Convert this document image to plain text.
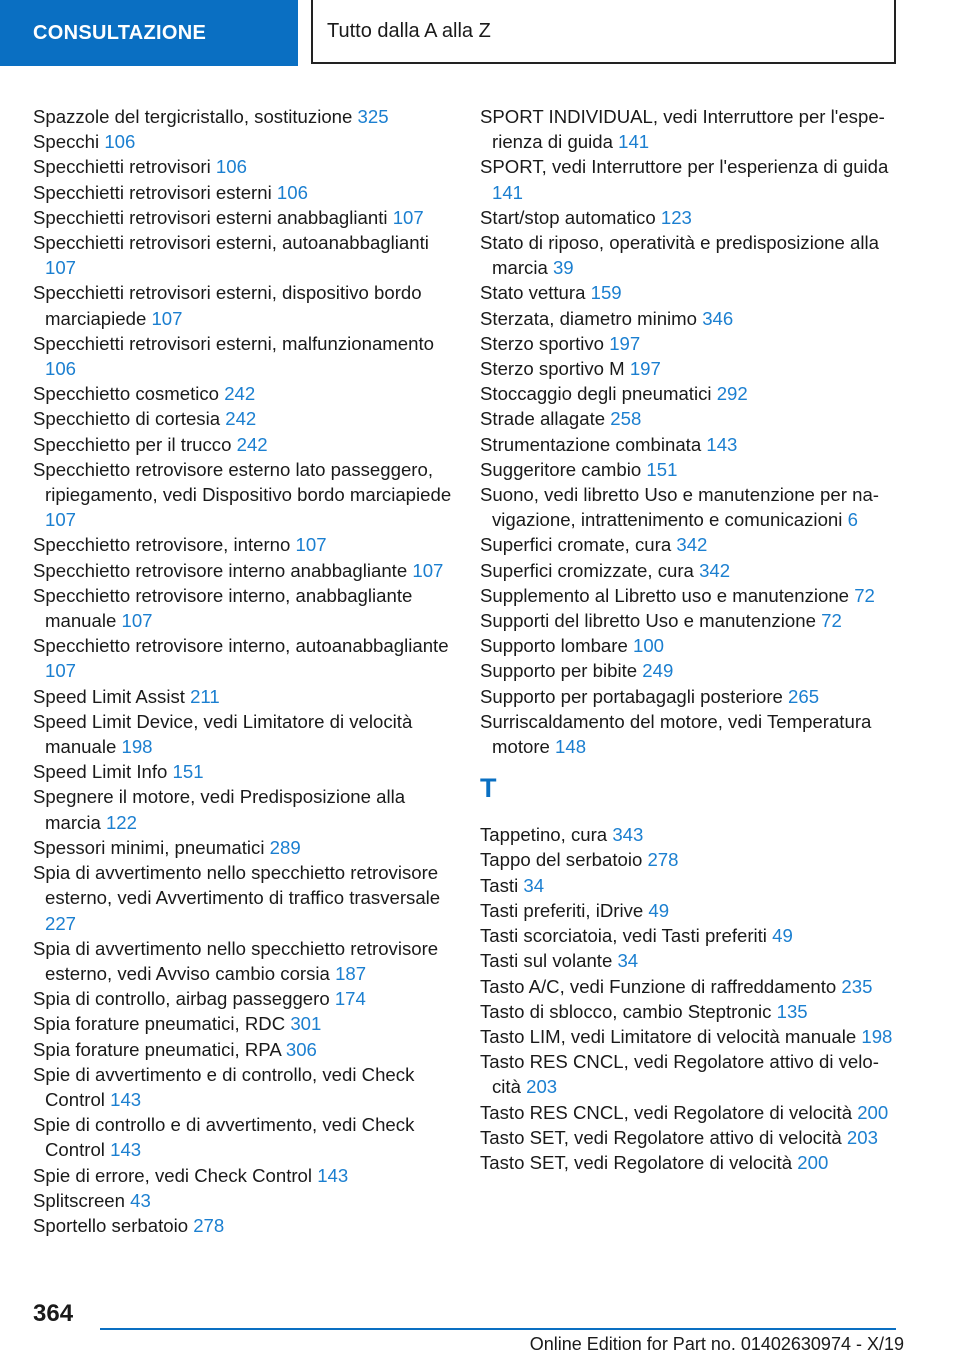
CONSULTAZIONE	Tutto dalla A alla Z
Spazzole del tergicristallo, sostituzione 325
Specchi 106
Specchietti retrovisori 106
Specchietti retrovisori esterni 106
Specchietti retrovisori esterni anabbaglianti 107
Specchietti retrovisori esterni, autoanabbaglianti 107
Specchietti retrovisori esterni, dispositivo bordo marciapiede 107
Specchietti retrovisori esterni, malfunzionamento 106
Specchietto cosmetico 242
Specchietto di cortesia 242
Specchietto per il trucco 242
Specchietto retrovisore esterno lato passeggero, ripiegamento, vedi Dispositivo bordo marciapiede 107
Specchietto retrovisore, interno 107
Specchietto retrovisore interno anabbagliante 107
Specchietto retrovisore interno, anabbagliante manuale 107
Specchietto retrovisore interno, autoanabbagliante 107
Speed Limit Assist 211
Speed Limit Device, vedi Limitatore di velocità manuale 198
Speed Limit Info 151
Spegnere il motore, vedi Predisposizione alla marcia 122
Spessori minimi, pneumatici 289
Spia di avvertimento nello specchietto retrovisore esterno, vedi Avvertimento di traffico trasversale 227
Spia di avvertimento nello specchietto retrovisore esterno, vedi Avviso cambio corsia 187
Spia di controllo, airbag passeggero 174
Spia forature pneumatici, RDC 301
Spia forature pneumatici, RPA 306
Spie di avvertimento e di controllo, vedi Check Control 143
Spie di controllo e di avvertimento, vedi Check Control 143
Spie di errore, vedi Check Control 143
Splitscreen 43
Sportello serbatoio 278
SPORT INDIVIDUAL, vedi Interruttore per l'esperienza di guida 141
SPORT, vedi Interruttore per l'esperienza di guida 141
Start/stop automatico 123
Stato di riposo, operatività e predisposizione alla marcia 39
Stato vettura 159
Sterzata, diametro minimo 346
Sterzo sportivo 197
Sterzo sportivo M 197
Stoccaggio degli pneumatici 292
Strade allagate 258
Strumentazione combinata 143
Suggeritore cambio 151
Suono, vedi libretto Uso e manutenzione per navigazione, intrattenimento e comunicazioni 6
Superfici cromate, cura 342
Superfici cromizzate, cura 342
Supplemento al Libretto uso e manutenzione 72
Supporti del libretto Uso e manutenzione 72
Supporto lombare 100
Supporto per bibite 249
Supporto per portabagagli posteriore 265
Surriscaldamento del motore, vedi Temperatura motore 148
T
Tappetino, cura 343
Tappo del serbatoio 278
Tasti 34
Tasti preferiti, iDrive 49
Tasti scorciatoia, vedi Tasti preferiti 49
Tasti sul volante 34
Tasto A/C, vedi Funzione di raffreddamento 235
Tasto di sblocco, cambio Steptronic 135
Tasto LIM, vedi Limitatore di velocità manuale 198
Tasto RES CNCL, vedi Regolatore attivo di velocità 203
Tasto RES CNCL, vedi Regolatore di velocità 200
Tasto SET, vedi Regolatore attivo di velocità 203
Tasto SET, vedi Regolatore di velocità 200
364
Online Edition for Part no. 01402630974 - X/19
